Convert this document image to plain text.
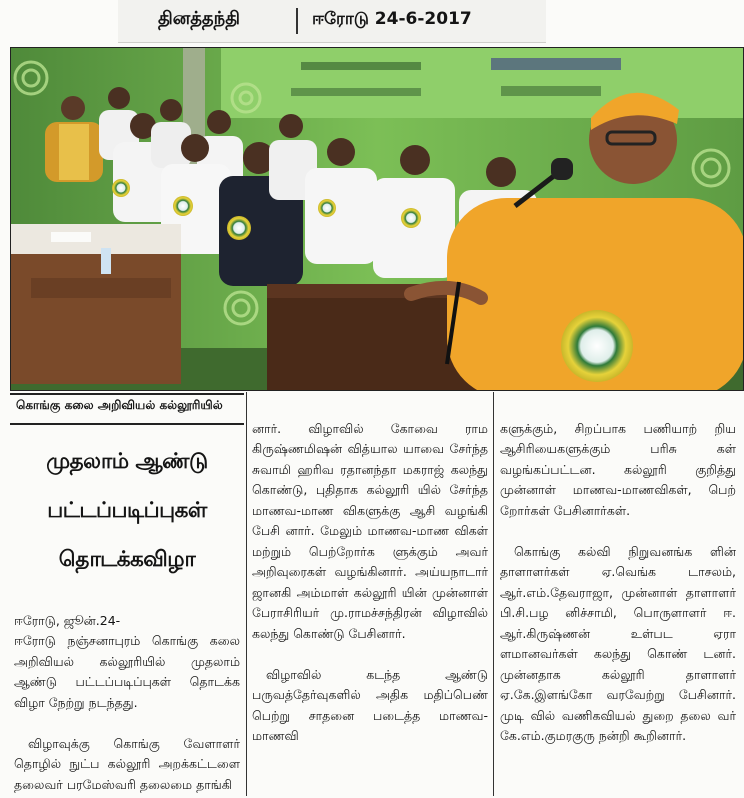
தினத்தந்தி	ஈரோடு 24-6-2017
கொங்கு கலை அறிவியல் கல்லூரியில்
முதலாம் ஆண்டு பட்டப்படிப்புகள் தொடக்கவிழா

ஈரோடு, ஜூன்.24-
ஈரோடு நஞ்சனாபுரம் கொங்கு கலை அறிவியல் கல்லூரியில் முதலாம் ஆண்டு பட்டப்படிப்புகள் தொடக்க விழா நேற்று நடந்தது.

விழாவுக்கு கொங்கு வேளாளர் தொழில் நுட்ப கல்லூரி அறக்கட்டளை தலைவர் பரமேஸ்வரி தலைமை தாங்கி

னார். விழாவில் கோவை ராம கிருஷ்ணமிஷன் வித்யால யாவை சேர்ந்த சுவாமி ஹரிவ ரதானந்தா மகராஜ் கலந்து கொண்டு, புதிதாக கல்லூரி யில் சேர்ந்த மாணவ-மாண விகளுக்கு ஆசி வழங்கி பேசி னார். மேலும் மாணவ-மாண விகள் மற்றும் பெற்றோர்க ளுக்கும் அவர் அறிவுரைகள் வழங்கினார். அய்யநாடார் ஜானகி அம்மாள் கல்லூரி யின் முன்னாள் பேராசிரியர் மு.ராமச்சந்திரன் விழாவில் கலந்து கொண்டு பேசினார்.

விழாவில் கடந்த ஆண்டு பருவத்தேர்வுகளில் அதிக மதிப்பெண் பெற்று சாதனை படைத்த மாணவ-மாணவி

களுக்கும், சிறப்பாக பணியாற் றிய ஆசிரியைகளுக்கும் பரிசு கள் வழங்கப்பட்டன. கல்லூரி குறித்து முன்னாள் மாணவ-மாணவிகள், பெற் றோர்கள் பேசினார்கள்.

கொங்கு கல்வி நிறுவனங்க ளின் தாளாளர்கள் ஏ.வெங்க டாசலம், ஆர்.எம்.தேவராஜா, முன்னாள் தாளாளர் பி.சி.பழ னிச்சாமி, பொருளாளர் ஈ. ஆர்.கிருஷ்ணன் உள்பட ஏரா ளமானவர்கள் கலந்து கொண் டனர். முன்னதாக கல்லூரி தாளாளர் ஏ.கே.இளங்கோ வரவேற்று பேசினார். முடி வில் வணிகவியல் துறை தலை வர் கே.எம்.குமரகுரு நன்றி கூறினார்.
